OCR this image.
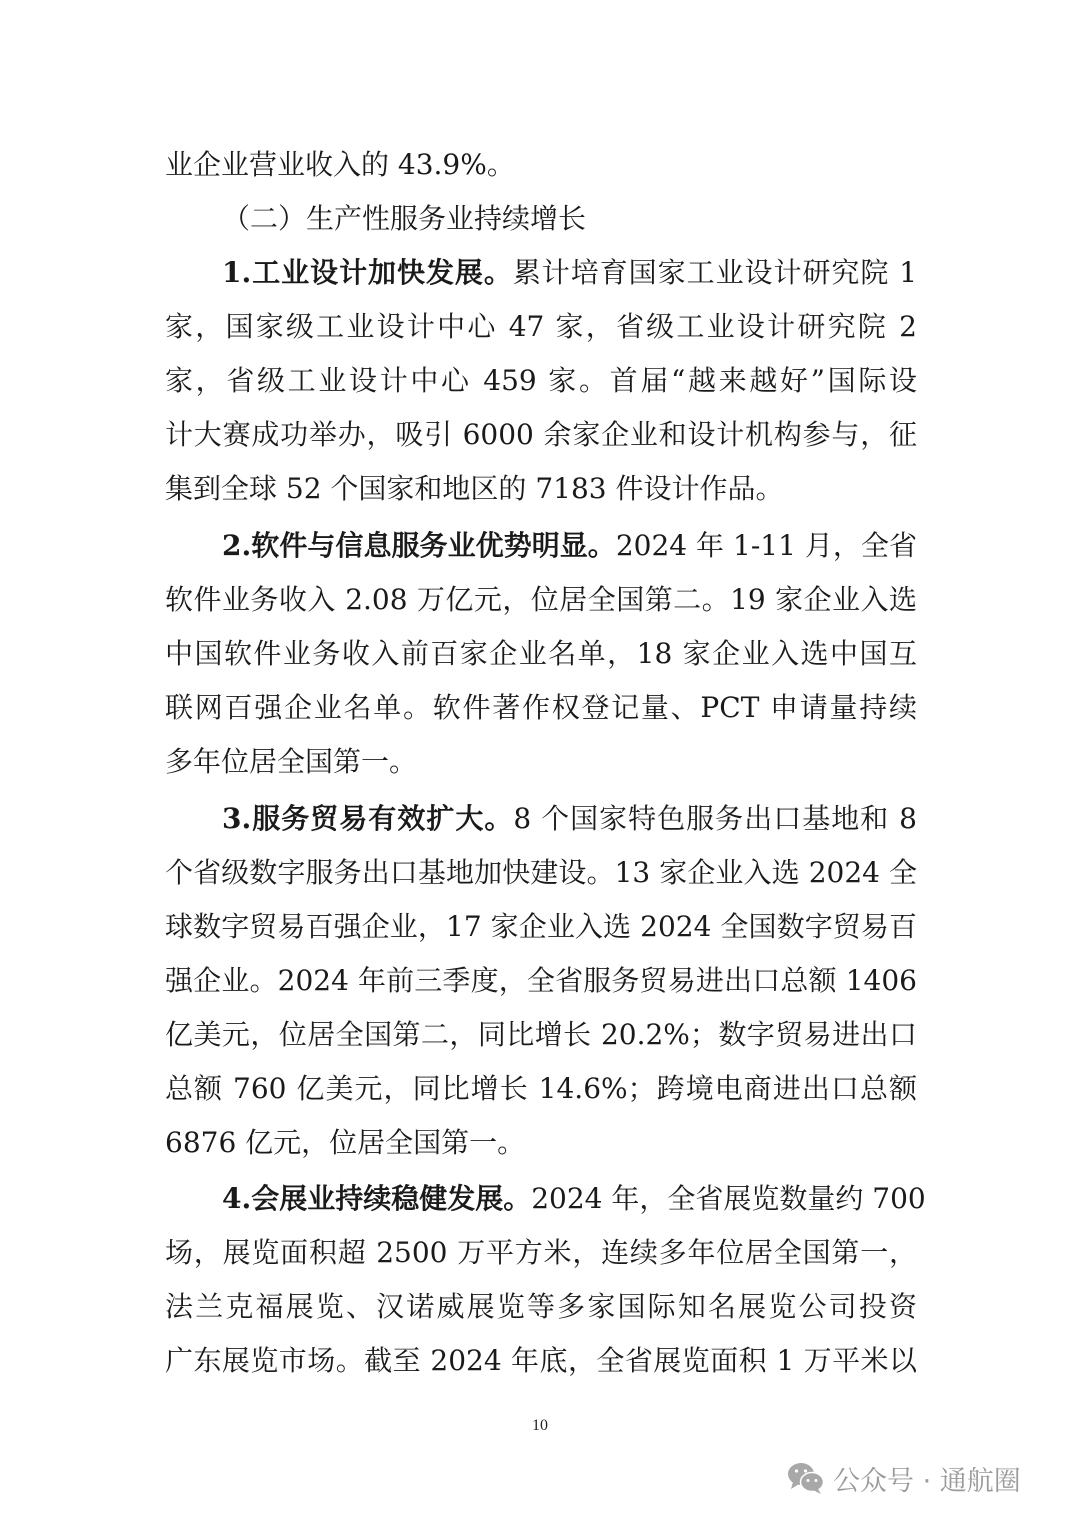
业企业营业收入的 43.9%。
（二）生产性服务业持续增长
1.工业设计加快发展。累计培育国家工业设计研究院 1
家，国家级工业设计中心 47 家，省级工业设计研究院 2
家，省级工业设计中心 459 家。首届“越来越好”国际设
计大赛成功举办，吸引 6000 余家企业和设计机构参与，征
集到全球 52 个国家和地区的 7183 件设计作品。
2.软件与信息服务业优势明显。2024 年 1-11 月，全省
软件业务收入 2.08 万亿元，位居全国第二。19 家企业入选
中国软件业务收入前百家企业名单，18 家企业入选中国互
联网百强企业名单。软件著作权登记量、PCT 申请量持续
多年位居全国第一。
3.服务贸易有效扩大。8 个国家特色服务出口基地和 8
个省级数字服务出口基地加快建设。13 家企业入选 2024 全
球数字贸易百强企业，17 家企业入选 2024 全国数字贸易百
强企业。2024 年前三季度，全省服务贸易进出口总额 1406
亿美元，位居全国第二，同比增长 20.2%；数字贸易进出口
总额 760 亿美元，同比增长 14.6%；跨境电商进出口总额
6876 亿元，位居全国第一。
4.会展业持续稳健发展。2024 年，全省展览数量约 700
场，展览面积超 2500 万平方米，连续多年位居全国第一，
法兰克福展览、汉诺威展览等多家国际知名展览公司投资
广东展览市场。截至 2024 年底，全省展览面积 1 万平米以
10
公众号 · 通航圈
